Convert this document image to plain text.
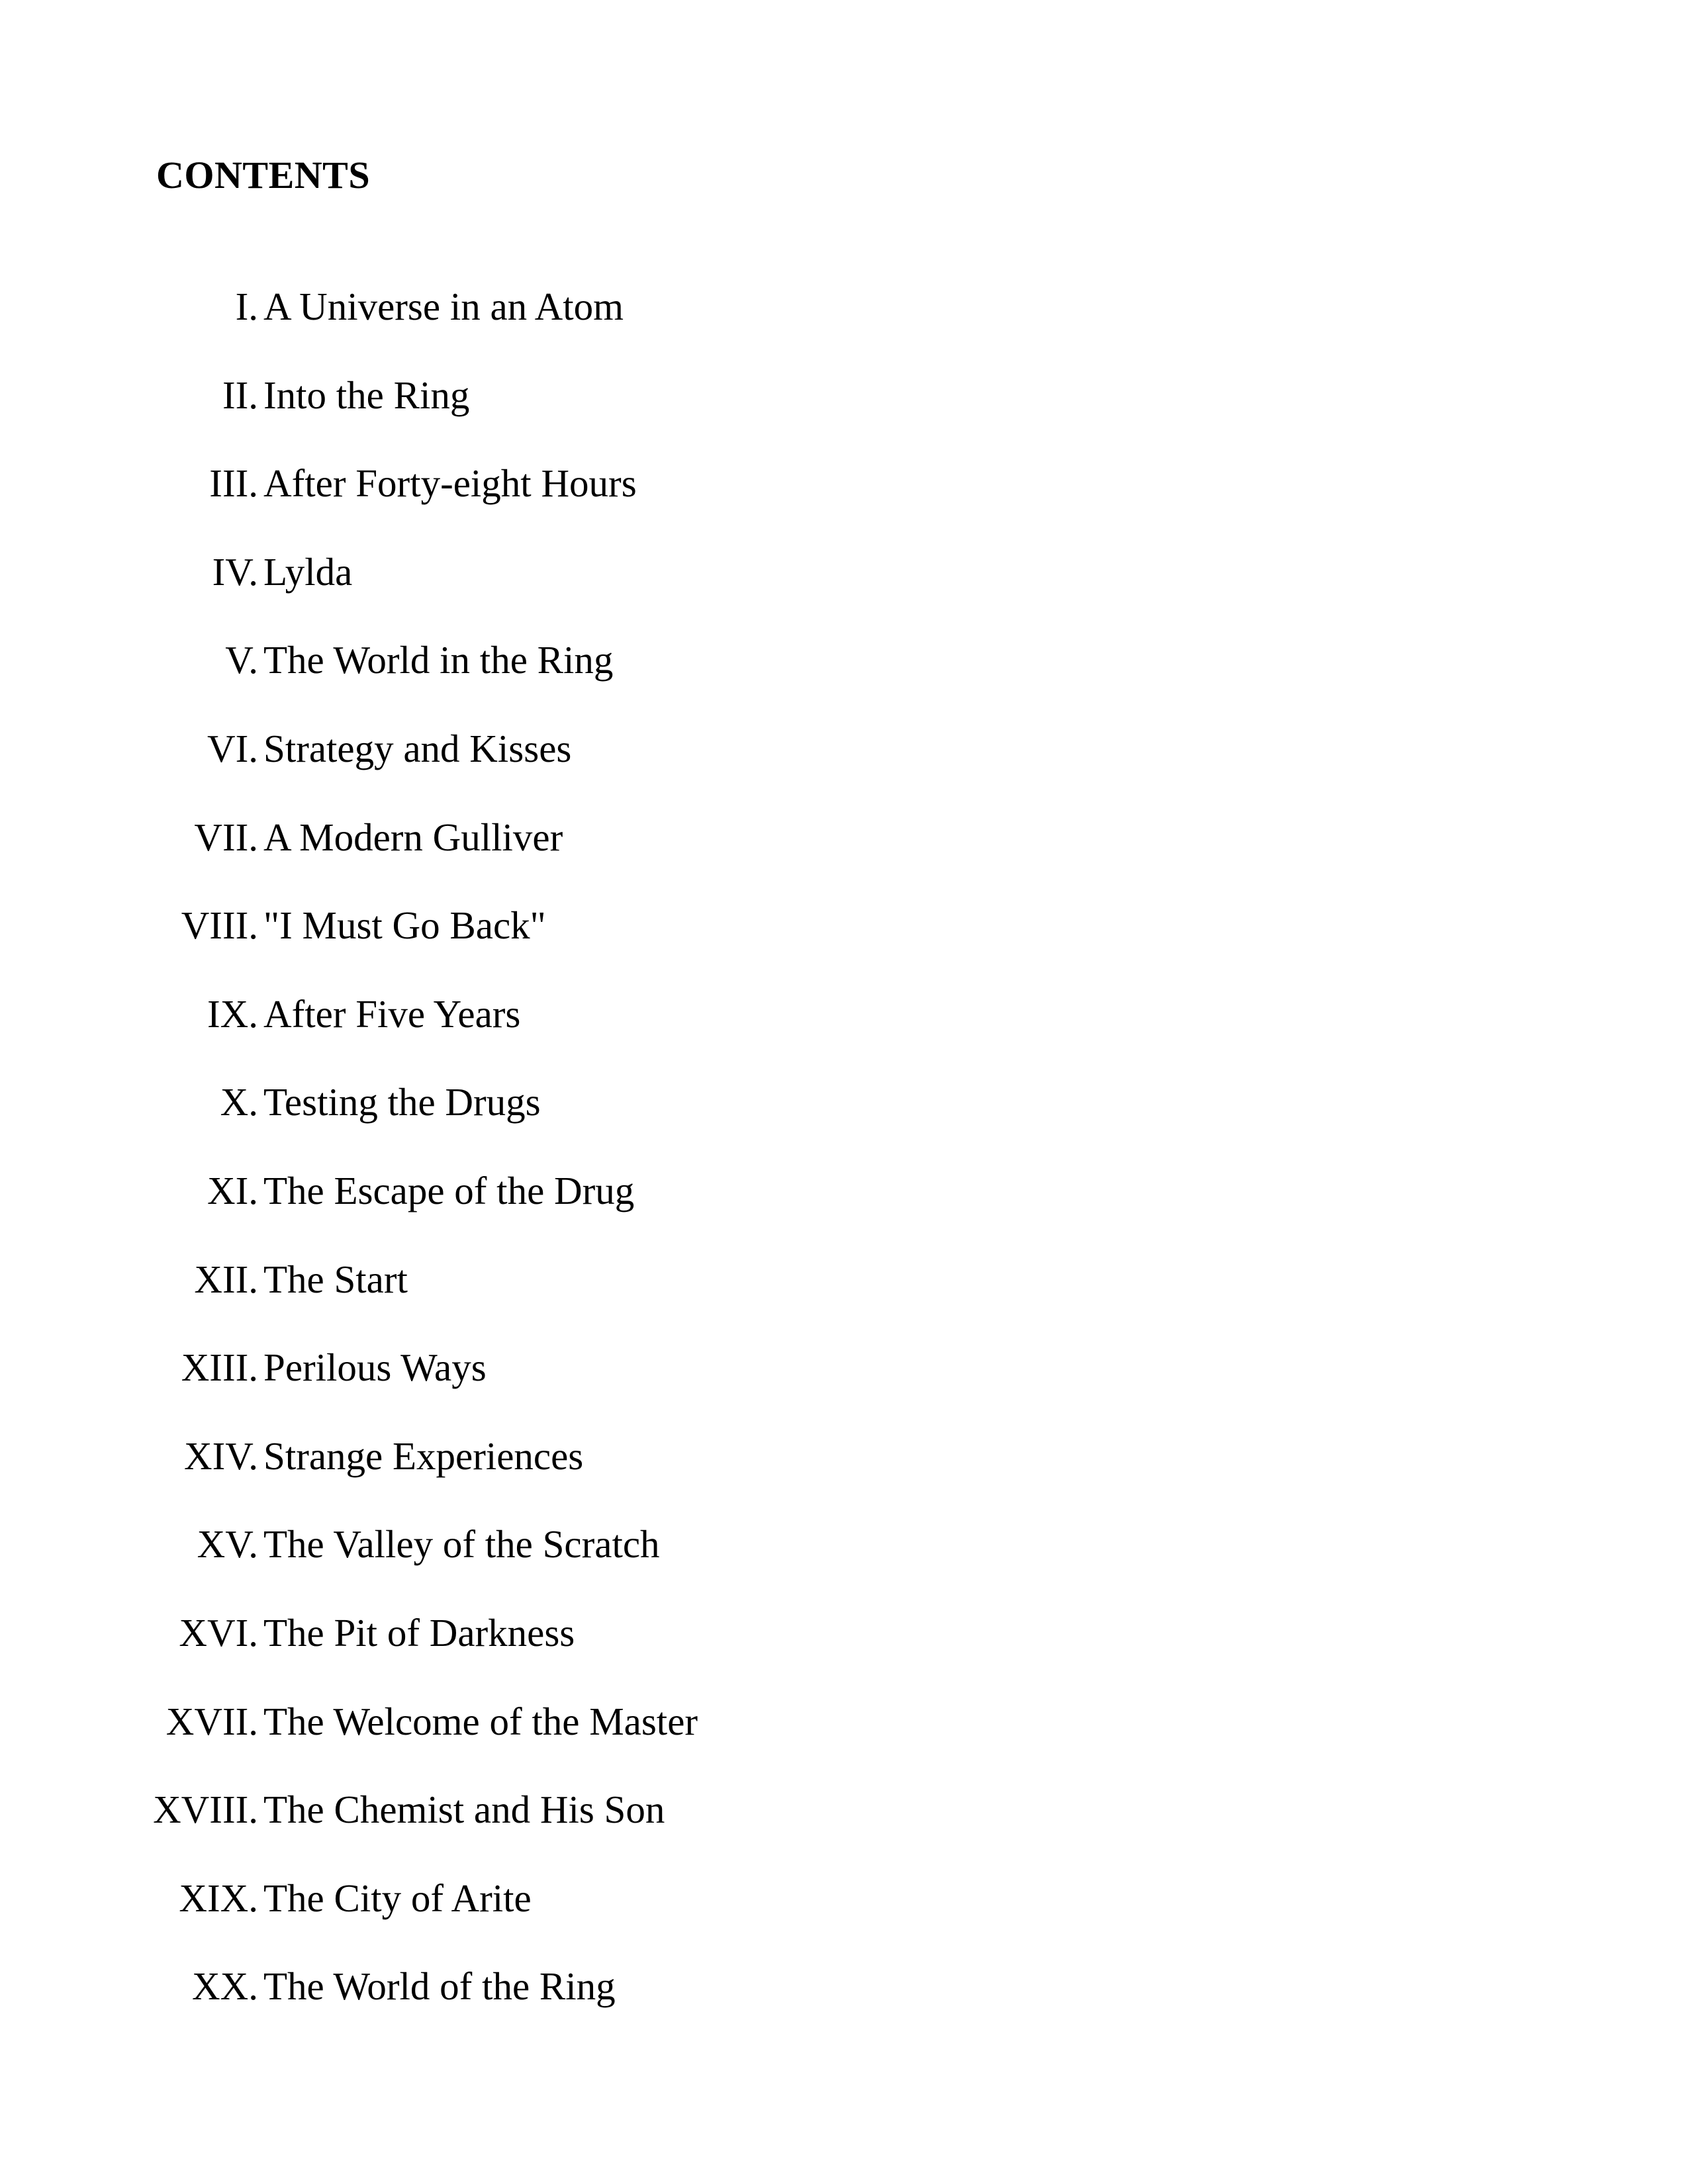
CONTENTS
I. A Universe in an Atom
II. Into the Ring
III. After Forty-eight Hours
IV. Lylda
V. The World in the Ring
VI. Strategy and Kisses
VII. A Modern Gulliver
VIII. "I Must Go Back"
IX. After Five Years
X. Testing the Drugs
XI. The Escape of the Drug
XII. The Start
XIII. Perilous Ways
XIV. Strange Experiences
XV. The Valley of the Scratch
XVI. The Pit of Darkness
XVII. The Welcome of the Master
XVIII. The Chemist and His Son
XIX. The City of Arite
XX. The World of the Ring
